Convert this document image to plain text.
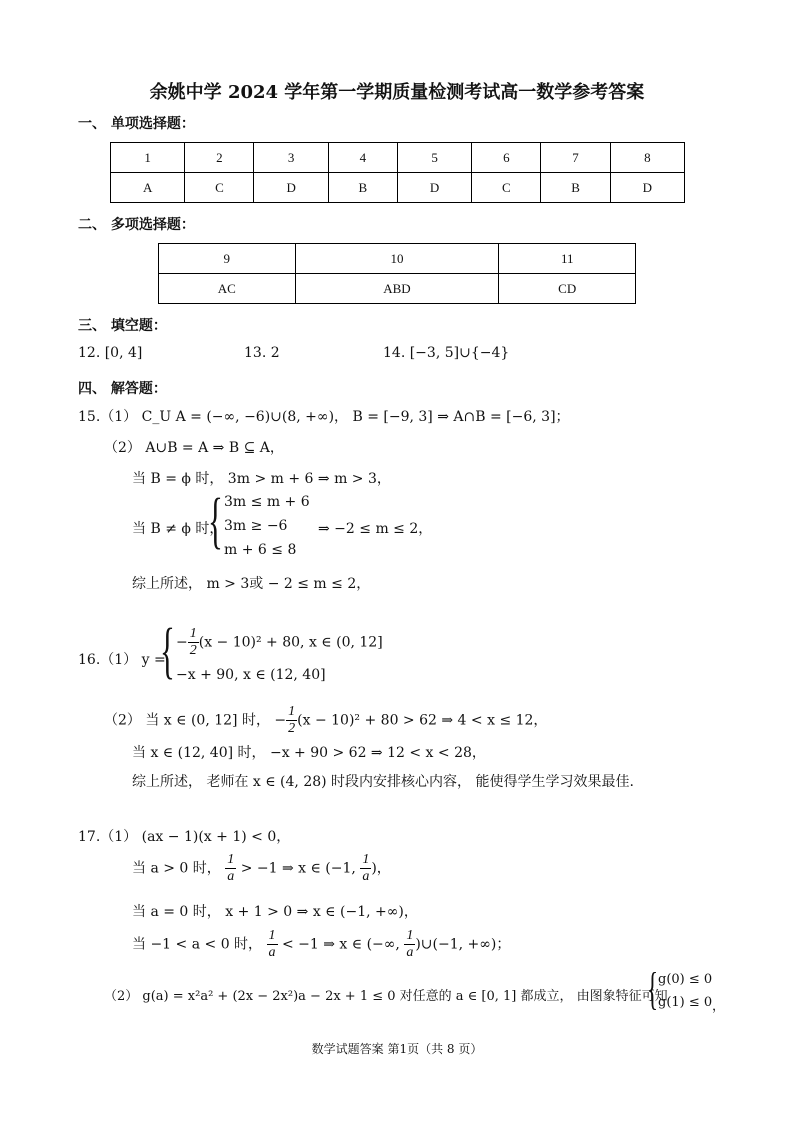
余姚中学 2024 学年第一学期质量检测考试高一数学参考答案
一、 单项选择题：
1	2	3	4	5	6	7	8
A	C	D	B	D	C	B	D
二、 多项选择题：
9	10	11
AC	ABD	CD
三、 填空题：
12. [0, 4]	13. 2	14. [−3, 5]∪{−4}
四、 解答题：
15.（1） C_U A = (−∞, −6)∪(8, +∞)， B = [−9, 3] ⇒ A∩B = [−6, 3]；
（2） A∪B = A ⇒ B ⊆ A，
当 B = ϕ 时， 3m > m + 6 ⇒ m > 3，
当 B ≠ ϕ 时，
{ 3m ≤ m + 6
3m ≥ −6
m + 6 ≤ 8
⇒ −2 ≤ m ≤ 2，
综上所述， m > 3或 − 2 ≤ m ≤ 2，
16.（1） y =
{ − $\frac{1}{2} (x - 10)^2 + 80$, x ∈ (0, 12]
−x + 90, x ∈ (12, 40]
（2） 当 x ∈ (0, 12] 时， − $\frac{1}{2} (x - 10)^2 + 80 > 62$ ⇒ 4 < x ≤ 12，
当 x ∈ (12, 40] 时， −x + 90 > 62 ⇒ 12 < x < 28，
综上所述， 老师在 x ∈ (4, 28) 时段内安排核心内容， 能使得学生学习效果最佳.
17.（1） (ax − 1)(x + 1) < 0，
当 a > 0 时， $\frac{1}{a} > -1$ ⇒ x ∈ (−1, $\frac{1}{a}$ )，
当 a = 0 时， x + 1 > 0 ⇒ x ∈ (−1, +∞)，
当 −1 < a < 0 时， $\frac{1}{a} < -1$ ⇒ x ∈ (−∞, $\frac{1}{a}$ )∪(−1, +∞)；
（2） g(a) = x²a² + (2x − 2x²)a − 2x + 1 ≤ 0 对任意的 a ∈ [0, 1] 都成立， 由图象特征可知
{ g(0) ≤ 0
g(1) ≤ 0 ，
数学试题答案 第1页（共 8 页）
